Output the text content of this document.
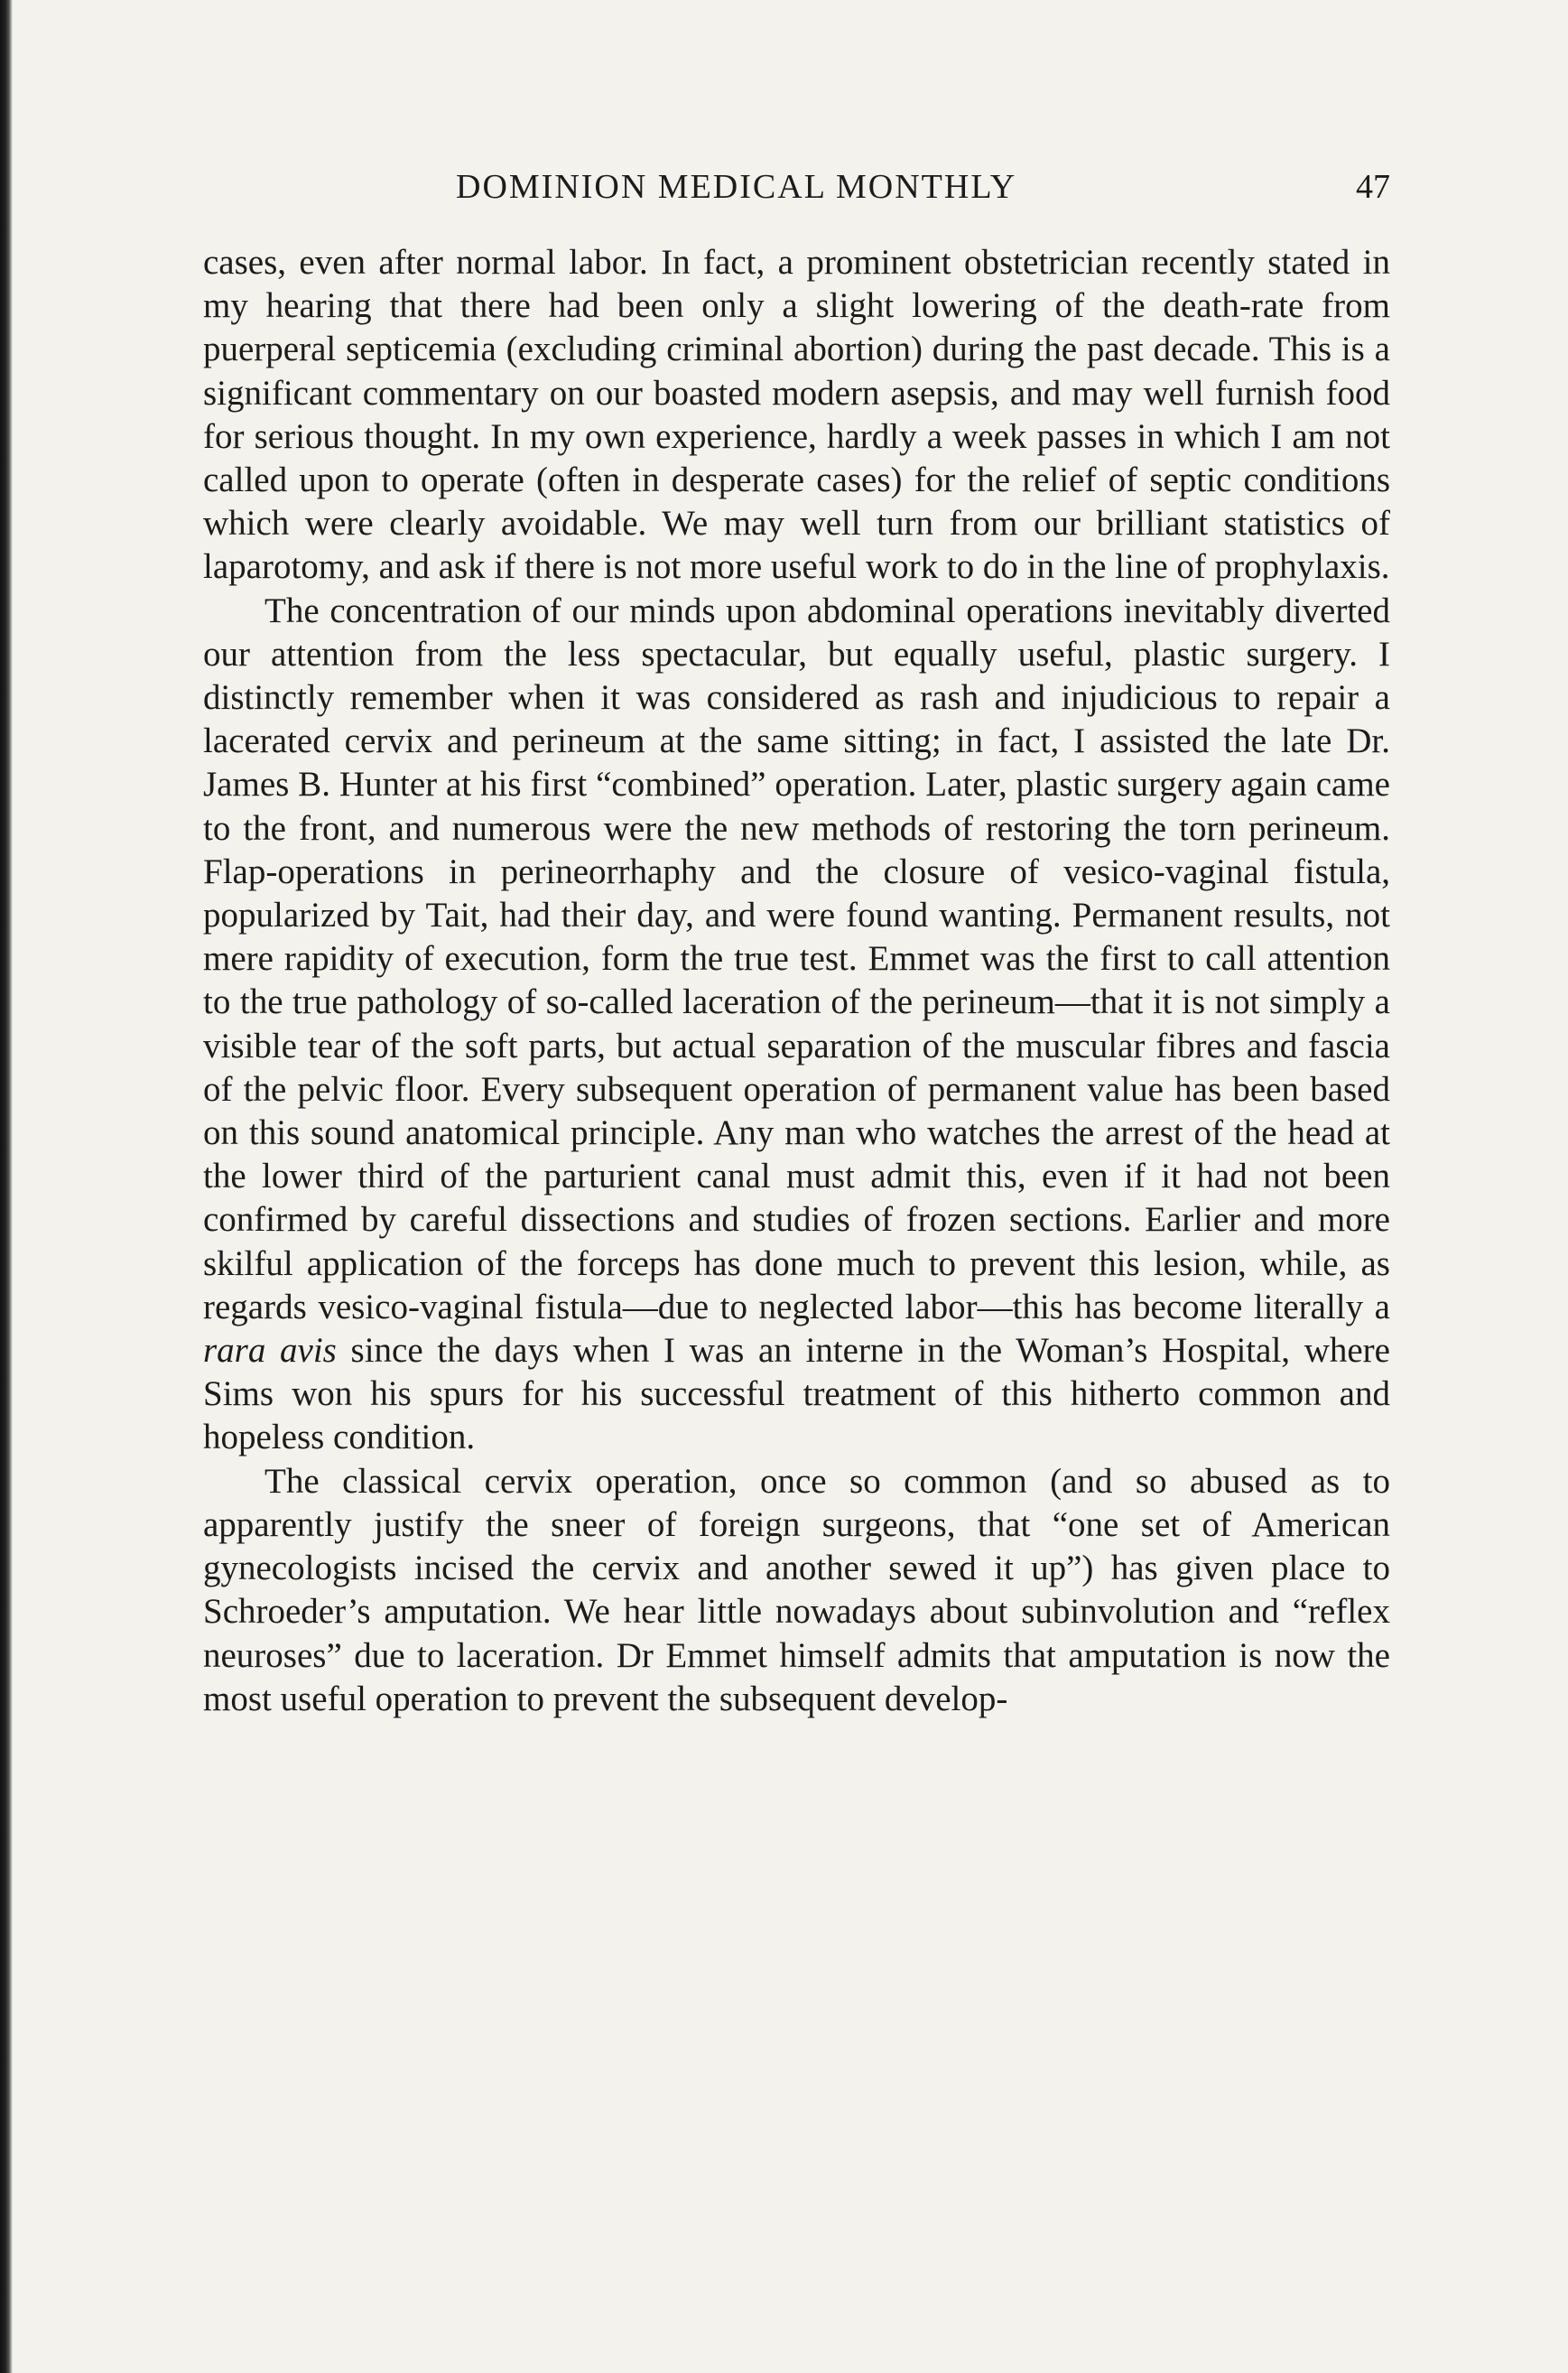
DOMINION MEDICAL MONTHLY	47

cases, even after normal labor. In fact, a prominent obstetrician recently stated in my hearing that there had been only a slight lowering of the death-rate from puerperal septicemia (excluding criminal abortion) during the past decade. This is a significant commentary on our boasted modern asepsis, and may well furnish food for serious thought. In my own experience, hardly a week passes in which I am not called upon to operate (often in desperate cases) for the relief of septic conditions which were clearly avoidable. We may well turn from our brilliant statistics of laparotomy, and ask if there is not more useful work to do in the line of prophylaxis.

The concentration of our minds upon abdominal operations inevitably diverted our attention from the less spectacular, but equally useful, plastic surgery. I distinctly remember when it was considered as rash and injudicious to repair a lacerated cervix and perineum at the same sitting; in fact, I assisted the late Dr. James B. Hunter at his first “combined” operation. Later, plastic surgery again came to the front, and numerous were the new methods of restoring the torn perineum. Flap-operations in perineorrhaphy and the closure of vesico-vaginal fistula, popularized by Tait, had their day, and were found wanting. Permanent results, not mere rapidity of execution, form the true test. Emmet was the first to call attention to the true pathology of so-called laceration of the perineum—that it is not simply a visible tear of the soft parts, but actual separation of the muscular fibres and fascia of the pelvic floor. Every subsequent operation of permanent value has been based on this sound anatomical principle. Any man who watches the arrest of the head at the lower third of the parturient canal must admit this, even if it had not been confirmed by careful dissections and studies of frozen sections. Earlier and more skilful application of the forceps has done much to prevent this lesion, while, as regards vesico-vaginal fistula—due to neglected labor—this has become literally a rara avis since the days when I was an interne in the Woman’s Hospital, where Sims won his spurs for his successful treatment of this hitherto common and hopeless condition.

The classical cervix operation, once so common (and so abused as to apparently justify the sneer of foreign surgeons, that “one set of American gynecologists incised the cervix and another sewed it up”) has given place to Schroeder’s amputation. We hear little nowadays about subinvolution and “reflex neuroses” due to laceration. Dr Emmet himself admits that amputation is now the most useful operation to prevent the subsequent develop-
